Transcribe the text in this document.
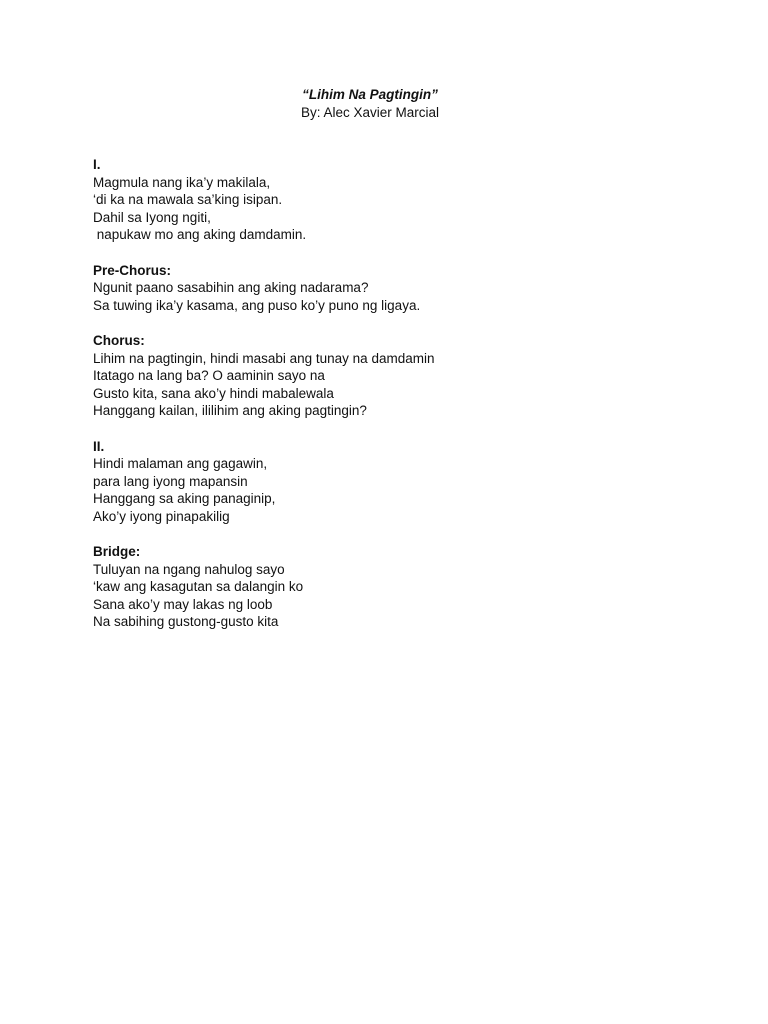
“Lihim Na Pagtingin”
By: Alec Xavier Marcial
I.
Magmula nang ika’y makilala,
‘di ka na mawala sa’king isipan.
Dahil sa Iyong ngiti,
napukaw mo ang aking damdamin.
Pre-Chorus:
Ngunit paano sasabihin ang aking nadarama?
Sa tuwing ika’y kasama, ang puso ko’y puno ng ligaya.
Chorus:
Lihim na pagtingin, hindi masabi ang tunay na damdamin
Itatago na lang ba? O aaminin sayo na
Gusto kita, sana ako’y hindi mabalewala
Hanggang kailan, ililihim ang aking pagtingin?
II.
Hindi malaman ang gagawin,
para lang iyong mapansin
Hanggang sa aking panaginip,
Ako’y iyong pinapakilig
Bridge:
Tuluyan na ngang nahulog sayo
‘kaw ang kasagutan sa dalangin ko
Sana ako’y may lakas ng loob
Na sabihing gustong-gusto kita
